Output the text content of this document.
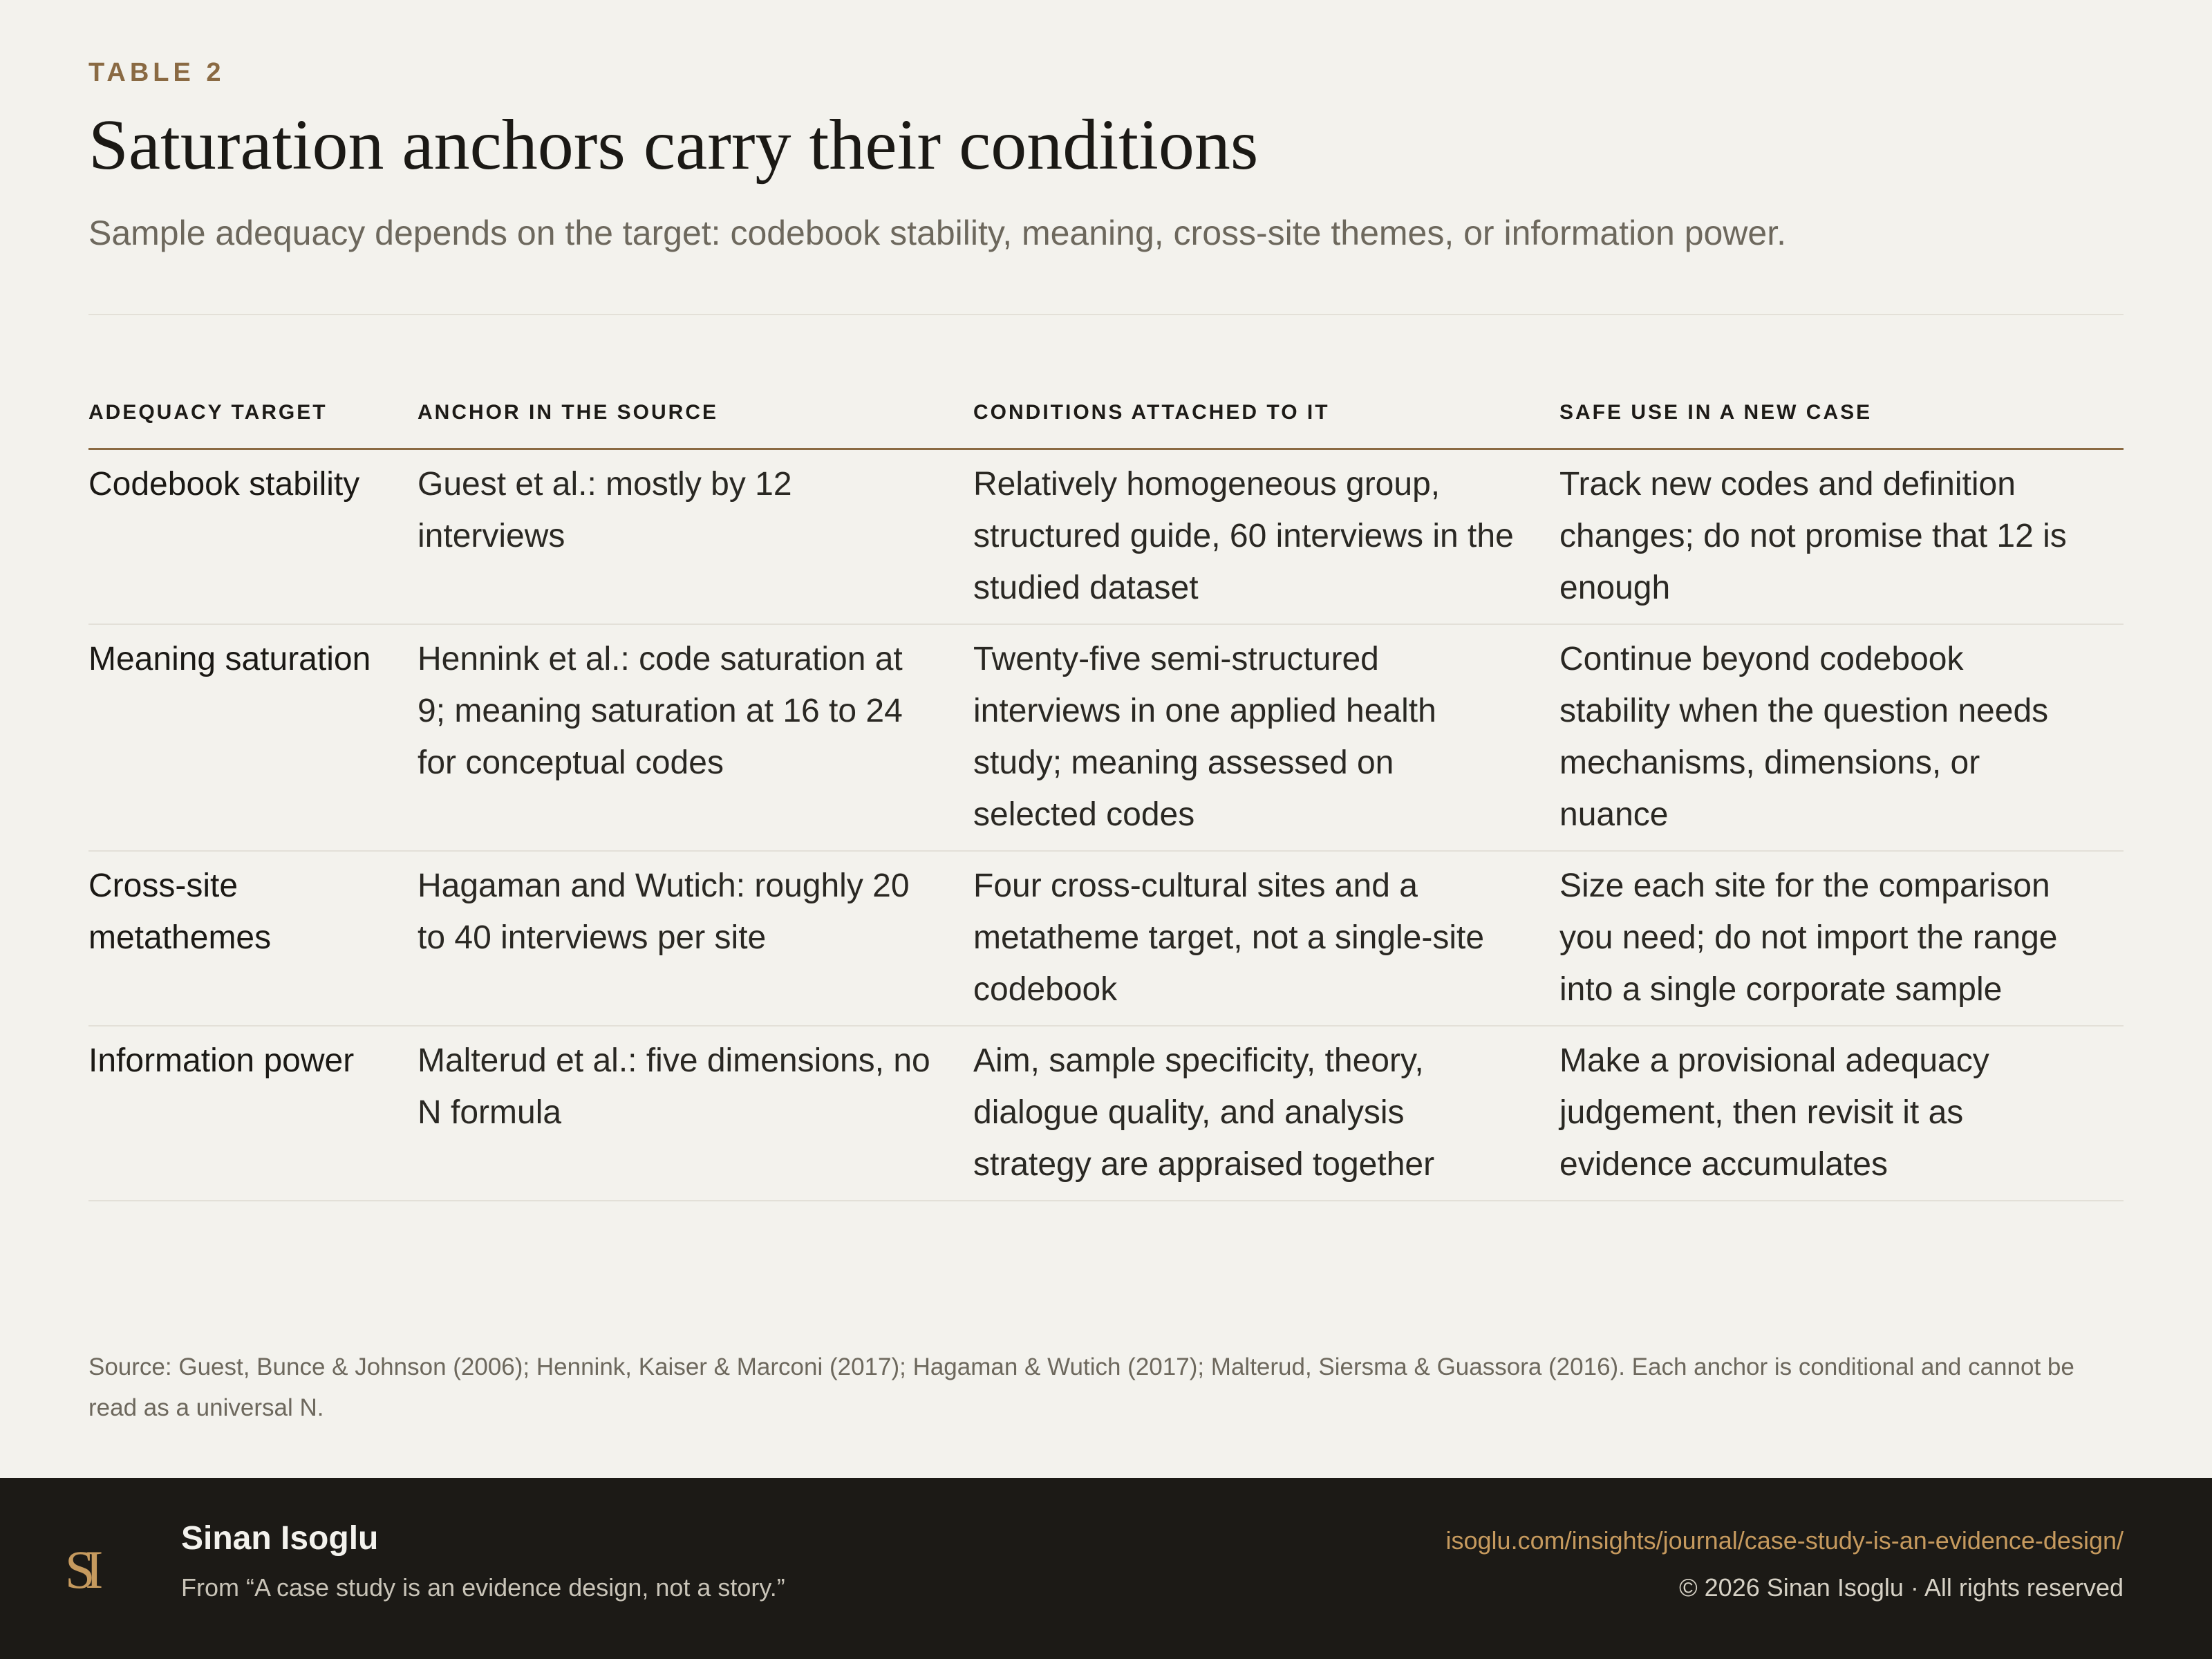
TABLE 2
Saturation anchors carry their conditions

Sample adequacy depends on the target: codebook stability, meaning, cross-site themes, or information power.

ADEQUACY TARGET	ANCHOR IN THE SOURCE	CONDITIONS ATTACHED TO IT	SAFE USE IN A NEW CASE
Codebook stability	Guest et al.: mostly by 12 interviews	Relatively homogeneous group, structured guide, 60 interviews in the studied dataset	Track new codes and definition changes; do not promise that 12 is enough
Meaning saturation	Hennink et al.: code saturation at 9; meaning saturation at 16 to 24 for conceptual codes	Twenty-five semi-structured interviews in one applied health study; meaning assessed on selected codes	Continue beyond codebook stability when the question needs mechanisms, dimensions, or nuance
Cross-site metathemes	Hagaman and Wutich: roughly 20 to 40 interviews per site	Four cross-cultural sites and a metatheme target, not a single-site codebook	Size each site for the comparison you need; do not import the range into a single corporate sample
Information power	Malterud et al.: five dimensions, no N formula	Aim, sample specificity, theory, dialogue quality, and analysis strategy are appraised together	Make a provisional adequacy judgement, then revisit it as evidence accumulates

Source: Guest, Bunce & Johnson (2006); Hennink, Kaiser & Marconi (2017); Hagaman & Wutich (2017); Malterud, Siersma & Guassora (2016). Each anchor is conditional and cannot be read as a universal N.

SI
Sinan Isoglu
From “A case study is an evidence design, not a story.”
isoglu.com/insights/journal/case-study-is-an-evidence-design/
© 2026 Sinan Isoglu · All rights reserved
